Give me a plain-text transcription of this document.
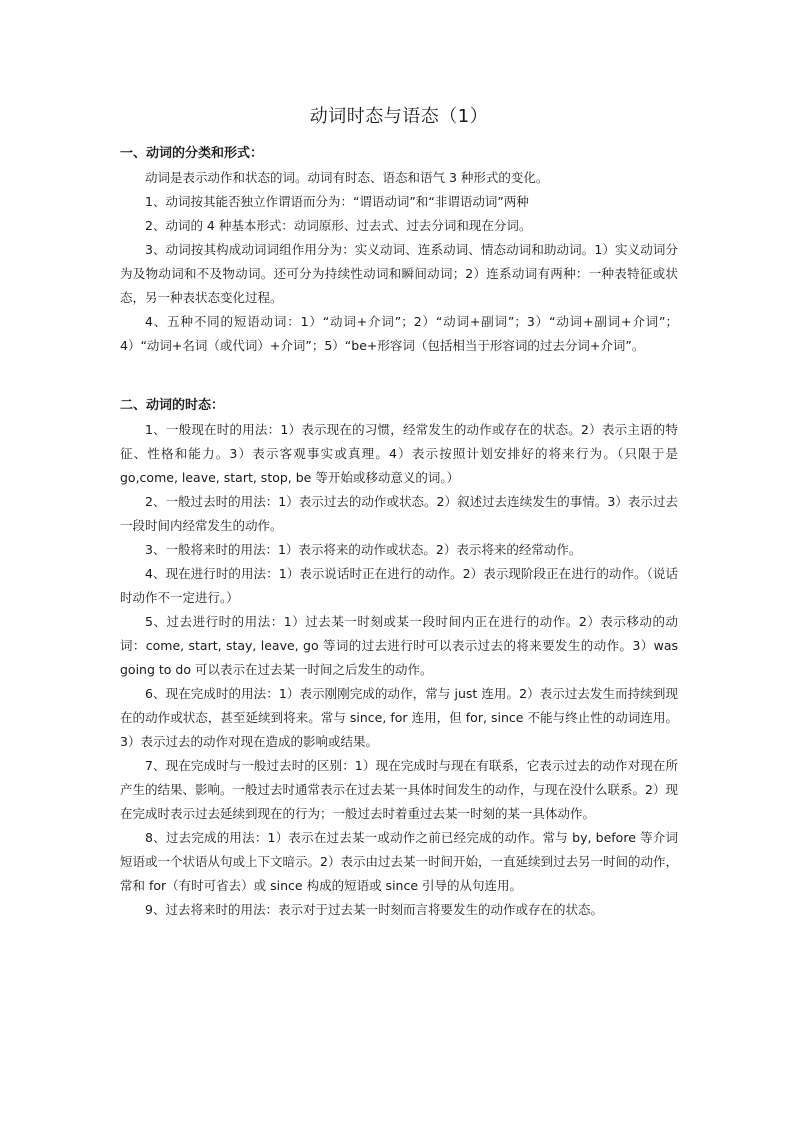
动词时态与语态（1）

一、动词的分类和形式：

动词是表示动作和状态的词。动词有时态、语态和语气 3 种形式的变化。

1、动词按其能否独立作谓语而分为：“谓语动词”和“非谓语动词”两种

2、动词的 4 种基本形式：动词原形、过去式、过去分词和现在分词。

3、动词按其构成动词词组作用分为：实义动词、连系动词、情态动词和助动词。1）实义动词分为及物动词和不及物动词。还可分为持续性动词和瞬间动词；2）连系动词有两种：一种表特征或状态，另一种表状态变化过程。

4、五种不同的短语动词：1）“动词+介词”；2）“动词+副词”；3）“动词+副词+介词”；4）“动词+名词（或代词）+介词”；5）“be+形容词（包括相当于形容词的过去分词+介词”。

二、动词的时态：

1、一般现在时的用法：1）表示现在的习惯，经常发生的动作或存在的状态。2）表示主语的特征、性格和能力。3）表示客观事实或真理。4）表示按照计划安排好的将来行为。（只限于是 go,come, leave, start, stop, be 等开始或移动意义的词。）

2、一般过去时的用法：1）表示过去的动作或状态。2）叙述过去连续发生的事情。3）表示过去一段时间内经常发生的动作。

3、一般将来时的用法：1）表示将来的动作或状态。2）表示将来的经常动作。

4、现在进行时的用法：1）表示说话时正在进行的动作。2）表示现阶段正在进行的动作。（说话时动作不一定进行。）

5、过去进行时的用法：1）过去某一时刻或某一段时间内正在进行的动作。2）表示移动的动词：come, start, stay, leave, go 等词的过去进行时可以表示过去的将来要发生的动作。3）was going to do 可以表示在过去某一时间之后发生的动作。

6、现在完成时的用法：1）表示刚刚完成的动作，常与 just 连用。2）表示过去发生而持续到现在的动作或状态，甚至延续到将来。常与 since, for 连用，但 for, since 不能与终止性的动词连用。3）表示过去的动作对现在造成的影响或结果。

7、现在完成时与一般过去时的区别：1）现在完成时与现在有联系，它表示过去的动作对现在所产生的结果、影响。一般过去时通常表示在过去某一具体时间发生的动作，与现在没什么联系。2）现在完成时表示过去延续到现在的行为；一般过去时着重过去某一时刻的某一具体动作。

8、过去完成的用法：1）表示在过去某一或动作之前已经完成的动作。常与 by, before 等介词短语或一个状语从句或上下文暗示。2）表示由过去某一时间开始，一直延续到过去另一时间的动作，常和 for（有时可省去）或 since 构成的短语或 since 引导的从句连用。

9、过去将来时的用法：表示对于过去某一时刻而言将要发生的动作或存在的状态。
